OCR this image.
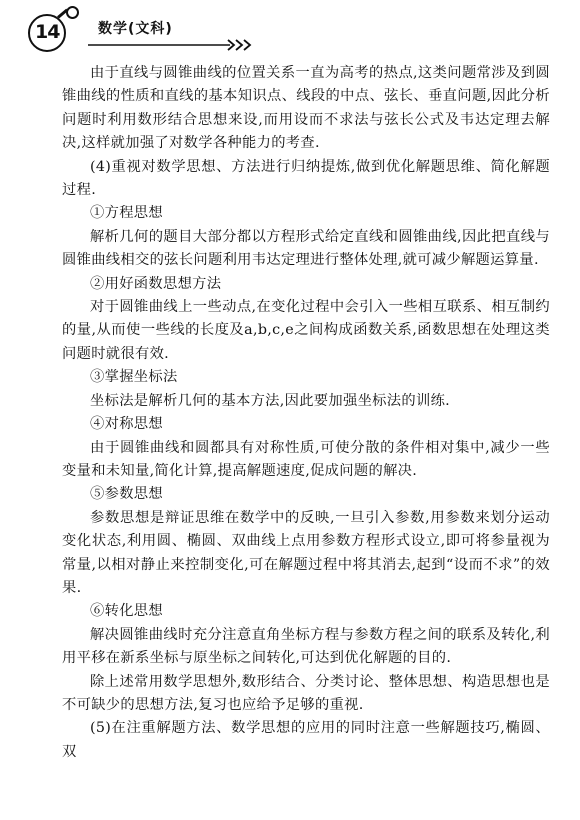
14	数学(文科)

由于直线与圆锥曲线的位置关系一直为高考的热点,这类问题常涉及到圆锥曲线的性质和直线的基本知识点、线段的中点、弦长、垂直问题,因此分析问题时利用数形结合思想来设,而用设而不求法与弦长公式及韦达定理去解决,这样就加强了对数学各种能力的考查.

(4)重视对数学思想、方法进行归纳提炼,做到优化解题思维、简化解题过程.

①方程思想

解析几何的题目大部分都以方程形式给定直线和圆锥曲线,因此把直线与圆锥曲线相交的弦长问题利用韦达定理进行整体处理,就可减少解题运算量.

②用好函数思想方法

对于圆锥曲线上一些动点,在变化过程中会引入一些相互联系、相互制约的量,从而使一些线的长度及a,b,c,e之间构成函数关系,函数思想在处理这类问题时就很有效.

③掌握坐标法

坐标法是解析几何的基本方法,因此要加强坐标法的训练.

④对称思想

由于圆锥曲线和圆都具有对称性质,可使分散的条件相对集中,减少一些变量和未知量,简化计算,提高解题速度,促成问题的解决.

⑤参数思想

参数思想是辩证思维在数学中的反映,一旦引入参数,用参数来划分运动变化状态,利用圆、椭圆、双曲线上点用参数方程形式设立,即可将参量视为常量,以相对静止来控制变化,可在解题过程中将其消去,起到“设而不求”的效果.

⑥转化思想

解决圆锥曲线时充分注意直角坐标方程与参数方程之间的联系及转化,利用平移在新系坐标与原坐标之间转化,可达到优化解题的目的.

除上述常用数学思想外,数形结合、分类讨论、整体思想、构造思想也是不可缺少的思想方法,复习也应给予足够的重视.

(5)在注重解题方法、数学思想的应用的同时注意一些解题技巧,椭圆、双
